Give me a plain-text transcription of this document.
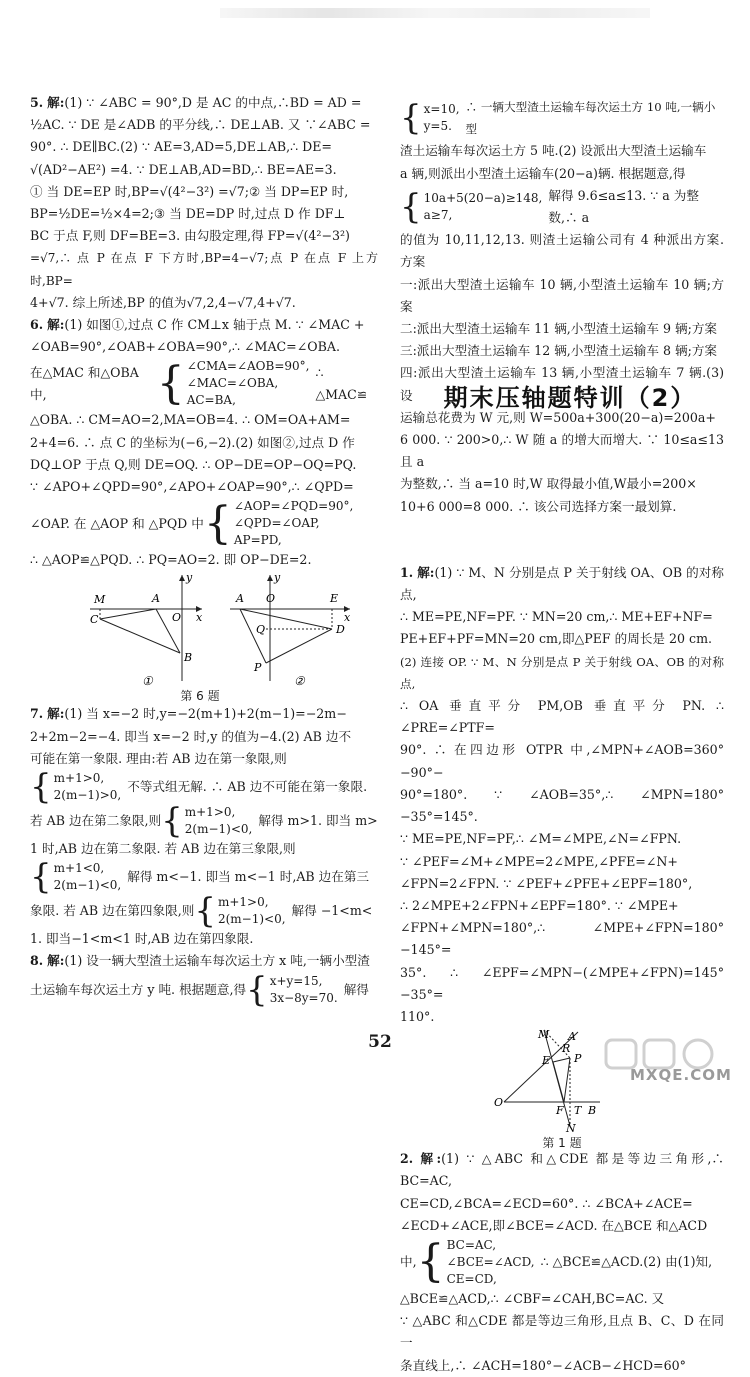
5. 解:(1) ∵ ∠ABC = 90°,D 是 AC 的中点,∴BD = AD =

½AC. ∵ DE 是∠ADB 的平分线,∴ DE⊥AB. 又 ∵∠ABC =

90°. ∴ DE∥BC.(2) ∵ AE=3,AD=5,DE⊥AB,∴ DE=

√(AD²−AE²) =4. ∵ DE⊥AB,AD=BD,∴ BE=AE=3.

① 当 DE=EP 时,BP=√(4²−3²) =√7;② 当 DP=EP 时,

BP=½DE=½×4=2;③ 当 DE=DP 时,过点 D 作 DF⊥

BC 于点 F,则 DF=BE=3. 由勾股定理,得 FP=√(4²−3²)

=√7,∴ 点 P 在点 F 下方时,BP=4−√7;点 P 在点 F 上方时,BP=

4+√7. 综上所述,BP 的值为√7,2,4−√7,4+√7.

6. 解:(1) 如图①,过点 C 作 CM⊥x 轴于点 M. ∵ ∠MAC +

∠OAB=90°,∠OAB+∠OBA=90°,∴ ∠MAC=∠OBA.

在△MAC 和△OBA 中,	{ ∠CMA=∠AOB=90°,
∠MAC=∠OBA,
AC=BA,
∴ △MAC≌

△OBA. ∴ CM=AO=2,MA=OB=4. ∴ OM=OA+AM=

2+4=6. ∴ 点 C 的坐标为(−6,−2).(2) 如图②,过点 D 作

DQ⊥OP 于点 Q,则 DE=OQ. ∴ OP−DE=OP−OQ=PQ.

∵ ∠APO+∠QPD=90°,∠APO+∠OAP=90°,∴ ∠QPD=

∠OAP. 在 △AOP 和 △PQD 中 { ∠AOP=∠PQD=90°,
∠QPD=∠OAP,
AP=PD,

∴ △AOP≌△PQD. ∴ PQ=AO=2. 即 OP−DE=2.

M	A
O
C
B
x
y
①
A O	E
D
Q
P
x
y
②
第 6 题

7. 解:(1) 当 x=−2 时,y=−2(m+1)+2(m−1)=−2m−

2+2m−2=−4. 即当 x=−2 时,y 的值为−4.(2) AB 边不

可能在第一象限. 理由:若 AB 边在第一象限,则

{ m+1>0,
2(m−1)>0,
不等式组无解. ∴ AB 边不可能在第一象限.
若 AB 边在第二象限,则 { m+1>0,
2(m−1)<0,
解得 m>1. 即当 m>

1 时,AB 边在第二象限. 若 AB 边在第三象限,则

{ m+1<0,
2(m−1)<0,
解得 m<−1. 即当 m<−1 时,AB 边在第三
象限. 若 AB 边在第四象限,则 { m+1>0,
2(m−1)<0,
解得 −1<m<

1. 即当−1<m<1 时,AB 边在第四象限.

8. 解:(1) 设一辆大型渣土运输车每次运土方 x 吨,一辆小型渣

土运输车每次运土方 y 吨. 根据题意,得 { x+y=15,
3x−8y=70.
解得
{ x=10,
y=5.
∴ 一辆大型渣土运输车每次运土方 10 吨,一辆小型

渣土运输车每次运土方 5 吨.(2) 设派出大型渣土运输车

a 辆,则派出小型渣土运输车(20−a)辆. 根据题意,得

{ 10a+5(20−a)≥148,
a≥7,
解得 9.6≤a≤13. ∵ a 为整数,∴ a

的值为 10,11,12,13. 则渣土运输公司有 4 种派出方案. 方案

一:派出大型渣土运输车 10 辆,小型渣土运输车 10 辆;方案

二:派出大型渣土运输车 11 辆,小型渣土运输车 9 辆;方案

三:派出大型渣土运输车 12 辆,小型渣土运输车 8 辆;方案

四:派出大型渣土运输车 13 辆,小型渣土运输车 7 辆.(3) 设

运输总花费为 W 元,则 W=500a+300(20−a)=200a+

6 000. ∵ 200>0,∴ W 随 a 的增大而增大. ∵ 10≤a≤13 且 a

为整数,∴ 当 a=10 时,W 取得最小值,W最小=200×

10+6 000=8 000. ∴ 该公司选择方案一最划算.

1. 解:(1) ∵ M、N 分别是点 P 关于射线 OA、OB 的对称点,

∴ ME=PE,NF=PF. ∵ MN=20 cm,∴ ME+EF+NF=

PE+EF+PF=MN=20 cm,即△PEF 的周长是 20 cm.

(2) 连接 OP. ∵ M、N 分别是点 P 关于射线 OA、OB 的对称点,

∴ OA 垂直平分 PM,OB 垂直平分 PN. ∴ ∠PRE=∠PTF=

90°. ∴ 在四边形 OTPR 中,∠MPN+∠AOB=360°−90°−

90°=180°. ∵ ∠AOB=35°,∴ ∠MPN=180°−35°=145°.

∵ ME=PE,NF=PF,∴ ∠M=∠MPE,∠N=∠FPN.

∵ ∠PEF=∠M+∠MPE=2∠MPE,∠PFE=∠N+

∠FPN=2∠FPN. ∵ ∠PEF+∠PFE+∠EPF=180°,

∴ 2∠MPE+2∠FPN+∠EPF=180°. ∵ ∠MPE+

∠FPN+∠MPN=180°,∴ ∠MPE+∠FPN=180°−145°=

35°. ∴ ∠EPF=∠MPN−(∠MPE+∠FPN)=145°−35°=

110°.

M A
R
P
E
O
F T B
N
第 1 题

2. 解:(1) ∵ △ABC 和△CDE 都是等边三角形,∴ BC=AC,

CE=CD,∠BCA=∠ECD=60°. ∴ ∠BCA+∠ACE=

∠ECD+∠ACE,即∠BCE=∠ACD. 在△BCE 和△ACD

中, { BC=AC,
∠BCE=∠ACD,
CE=CD,
∴ △BCE≌△ACD.(2) 由(1)知,

△BCE≌△ACD,∴ ∠CBF=∠CAH,BC=AC. 又

∵ △ABC 和△CDE 都是等边三角形,且点 B、C、D 在同一

条直线上,∴ ∠ACH=180°−∠ACB−∠HCD=60°

期末压轴题特训（2）
52
MXQE.COM
